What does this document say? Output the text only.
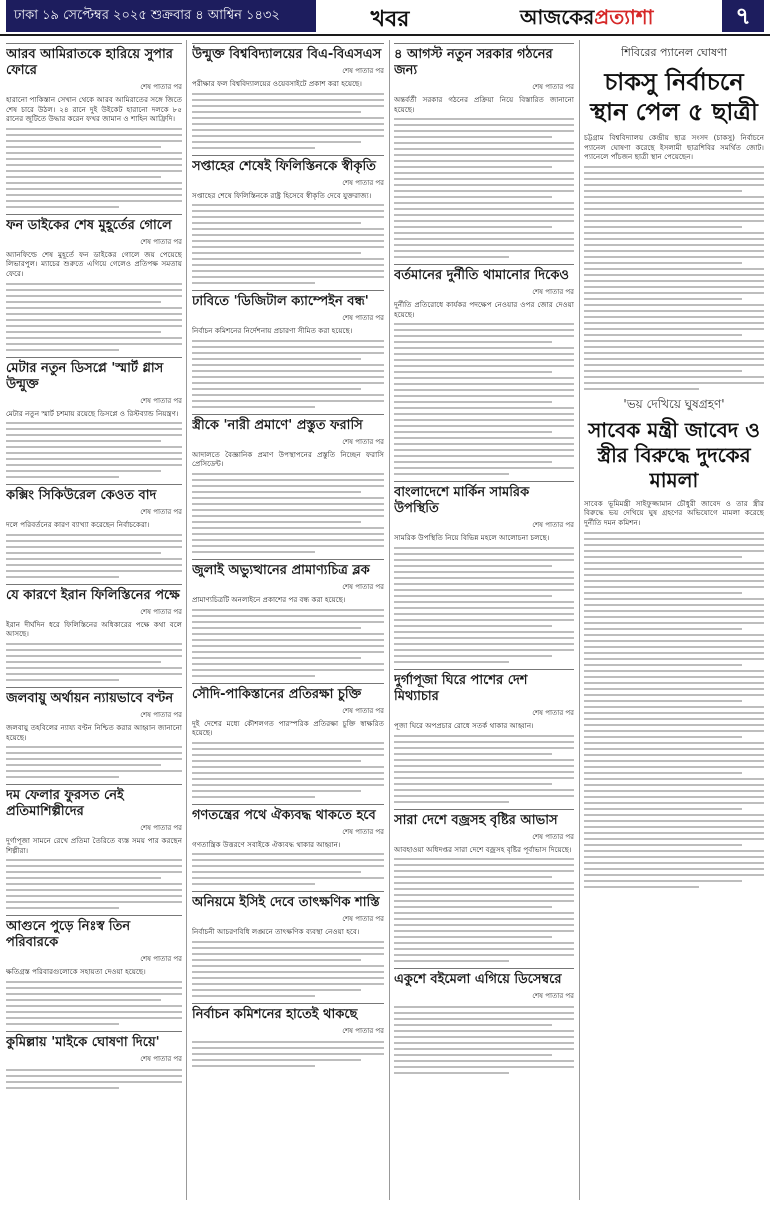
ঢাকা ১৯ সেপ্টেম্বর ২০২৫ শুক্রবার ৪ আশ্বিন ১৪৩২	খবর	আজকেরপ্রত্যাশা	৭
আরব আমিরাতকে হারিয়ে সুপার ফোরে
শেষ পাতার পর
হারানো পাকিস্তান সেখান থেকে আরব আমিরাতের সঙ্গে জিতে শেষ চারে উঠল। ২৪ রানে দুই উইকেট হারানো দলকে ৮৫ রানের জুটিতে উদ্ধার করেন ফখর জামান ও শাহিন আফ্রিদি।
ফন ডাইকের শেষ মুহূর্তের গোলে
শেষ পাতার পর
অ্যানফিল্ডে শেষ মুহূর্তে ফন ডাইকের গোলে জয় পেয়েছে লিভারপুল। ম্যাচের শুরুতে এগিয়ে গেলেও প্রতিপক্ষ সমতায় ফেরে।
মেটার নতুন ডিসপ্লে 'স্মার্ট গ্লাস উন্মুক্ত
শেষ পাতার পর
মেটার নতুন স্মার্ট চশমায় রয়েছে ডিসপ্লে ও রিস্টব্যান্ড নিয়ন্ত্রণ।
কক্সিং সিকিউরেল কেওত বাদ
শেষ পাতার পর
দলে পরিবর্তনের কারণ ব্যাখ্যা করেছেন নির্বাচকেরা।
যে কারণে ইরান ফিলিস্তিনের পক্ষে
শেষ পাতার পর
ইরান দীর্ঘদিন ধরে ফিলিস্তিনের অধিকারের পক্ষে কথা বলে আসছে।
জলবায়ু অর্থায়ন ন্যায়ভাবে বণ্টন
শেষ পাতার পর
জলবায়ু তহবিলের ন্যায্য বণ্টন নিশ্চিত করার আহ্বান জানানো হয়েছে।
দম ফেলার ফুরসত নেই প্রতিমাশিল্পীদের
শেষ পাতার পর
দুর্গাপূজা সামনে রেখে প্রতিমা তৈরিতে ব্যস্ত সময় পার করছেন শিল্পীরা।
আগুনে পুড়ে নিঃস্ব তিন পরিবারকে
শেষ পাতার পর
ক্ষতিগ্রস্ত পরিবারগুলোকে সহায়তা দেওয়া হয়েছে।
কুমিল্লায় 'মাইকে ঘোষণা দিয়ে'
শেষ পাতার পর
উন্মুক্ত বিশ্ববিদ্যালয়ের বিএ-বিএসএস
শেষ পাতার পর
পরীক্ষার ফল বিশ্ববিদ্যালয়ের ওয়েবসাইটে প্রকাশ করা হয়েছে।
সপ্তাহের শেষেই ফিলিস্তিনকে স্বীকৃতি
শেষ পাতার পর
সপ্তাহের শেষে ফিলিস্তিনকে রাষ্ট্র হিসেবে স্বীকৃতি দেবে যুক্তরাজ্য।
ঢাবিতে 'ডিজিটাল ক্যাম্পেইন বন্ধ'
শেষ পাতার পর
নির্বাচন কমিশনের নির্দেশনায় প্রচারণা সীমিত করা হয়েছে।
স্ত্রীকে 'নারী প্রমাণে' প্রস্তুত ফরাসি
শেষ পাতার পর
আদালতে বৈজ্ঞানিক প্রমাণ উপস্থাপনের প্রস্তুতি নিচ্ছেন ফরাসি প্রেসিডেন্ট।
জুলাই অভ্যুত্থানের প্রামাণ্যচিত্র ব্লক
শেষ পাতার পর
প্রামাণ্যচিত্রটি অনলাইনে প্রকাশের পর বন্ধ করা হয়েছে।
সৌদি-পাকিস্তানের প্রতিরক্ষা চুক্তি
শেষ পাতার পর
দুই দেশের মধ্যে কৌশলগত পারস্পরিক প্রতিরক্ষা চুক্তি স্বাক্ষরিত হয়েছে।
গণতন্ত্রের পথে ঐক্যবদ্ধ থাকতে হবে
শেষ পাতার পর
গণতান্ত্রিক উত্তরণে সবাইকে ঐক্যবদ্ধ থাকার আহ্বান।
অনিয়মে ইসিই দেবে তাৎক্ষণিক শাস্তি
শেষ পাতার পর
নির্বাচনী আচরণবিধি লঙ্ঘনে তাৎক্ষণিক ব্যবস্থা নেওয়া হবে।
নির্বাচন কমিশনের হাতেই থাকছে
শেষ পাতার পর
৪ আগস্ট নতুন সরকার গঠনের জন্য
শেষ পাতার পর
অন্তর্বর্তী সরকার গঠনের প্রক্রিয়া নিয়ে বিস্তারিত জানানো হয়েছে।
বর্তমানের দুর্নীতি থামানোর দিকেও
শেষ পাতার পর
দুর্নীতি প্রতিরোধে কার্যকর পদক্ষেপ নেওয়ার ওপর জোর দেওয়া হয়েছে।
বাংলাদেশে মার্কিন সামরিক উপস্থিতি
শেষ পাতার পর
সামরিক উপস্থিতি নিয়ে বিভিন্ন মহলে আলোচনা চলছে।
দুর্গাপূজা ঘিরে পাশের দেশ মিথ্যাচার
শেষ পাতার পর
পূজা ঘিরে অপপ্রচার রোধে সতর্ক থাকার আহ্বান।
সারা দেশে বজ্রসহ বৃষ্টির আভাস
শেষ পাতার পর
আবহাওয়া অধিদপ্তর সারা দেশে বজ্রসহ বৃষ্টির পূর্বাভাস দিয়েছে।
একুশে বইমেলা এগিয়ে ডিসেম্বরে
শেষ পাতার পর
শিবিরের প্যানেল ঘোষণা
চাকসু নির্বাচনে স্থান পেল ৫ ছাত্রী
চট্টগ্রাম বিশ্ববিদ্যালয় কেন্দ্রীয় ছাত্র সংসদ (চাকসু) নির্বাচনে প্যানেল ঘোষণা করেছে ইসলামী ছাত্রশিবির সমর্থিত জোট। প্যানেলে পাঁচজন ছাত্রী স্থান পেয়েছেন।
'ভয় দেখিয়ে ঘুষগ্রহণ'
সাবেক মন্ত্রী জাবেদ ও স্ত্রীর বিরুদ্ধে দুদকের মামলা
সাবেক ভূমিমন্ত্রী সাইফুজ্জামান চৌধুরী জাবেদ ও তার স্ত্রীর বিরুদ্ধে ভয় দেখিয়ে ঘুষ গ্রহণের অভিযোগে মামলা করেছে দুর্নীতি দমন কমিশন।
